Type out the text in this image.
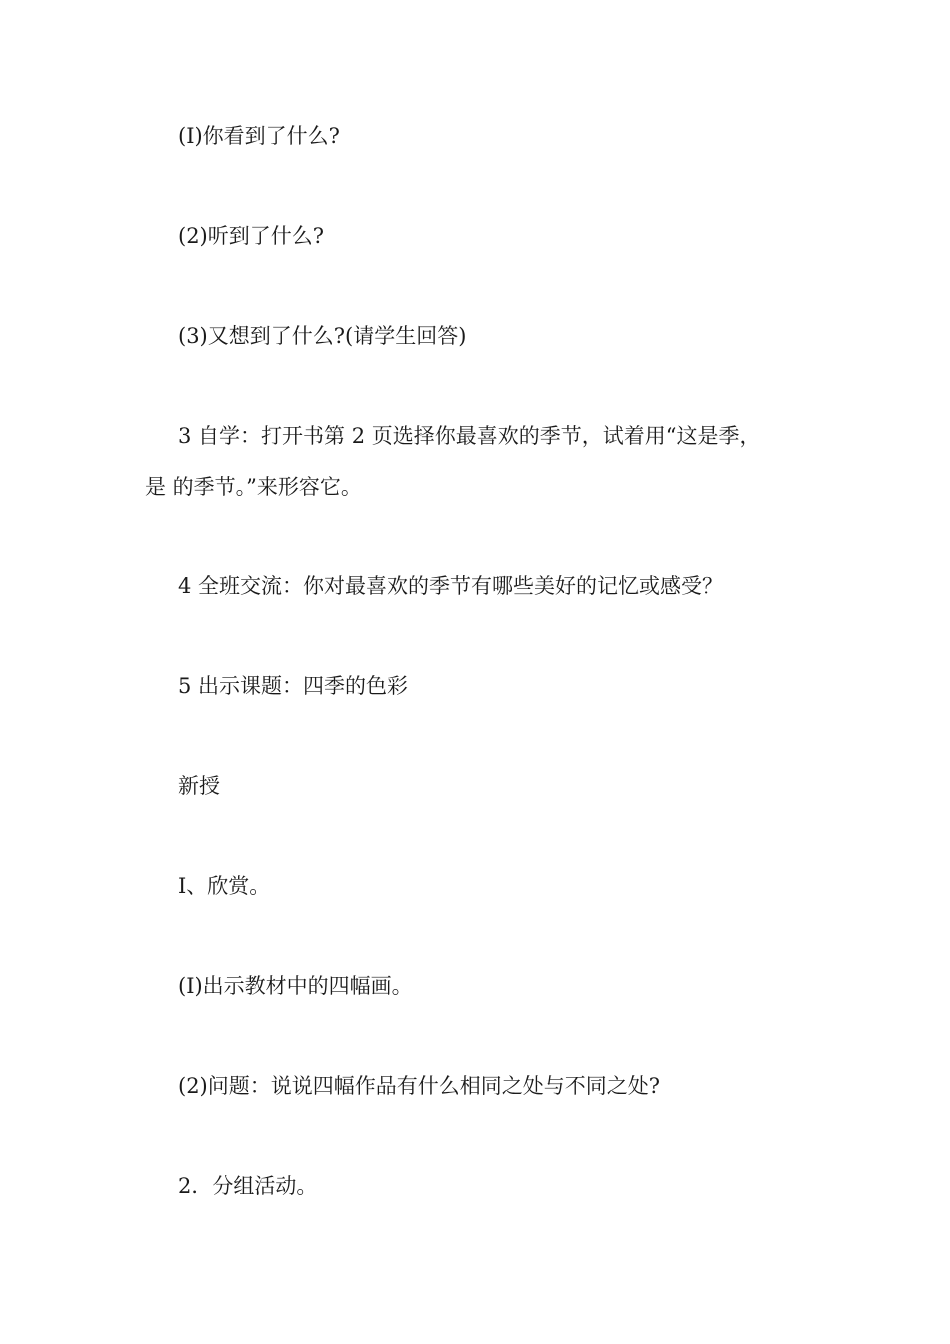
(I)你看到了什么?
(2)听到了什么?
(3)又想到了什么?(请学生回答)
3 自学：打开书第 2 页选择你最喜欢的季节，试着用“这是季，
是 的季节。”来形容它。
4 全班交流：你对最喜欢的季节有哪些美好的记忆或感受？
5 出示课题：四季的色彩
新授
I、欣赏。
(I)出示教材中的四幅画。
(2)问题：说说四幅作品有什么相同之处与不同之处?
2．分组活动。
